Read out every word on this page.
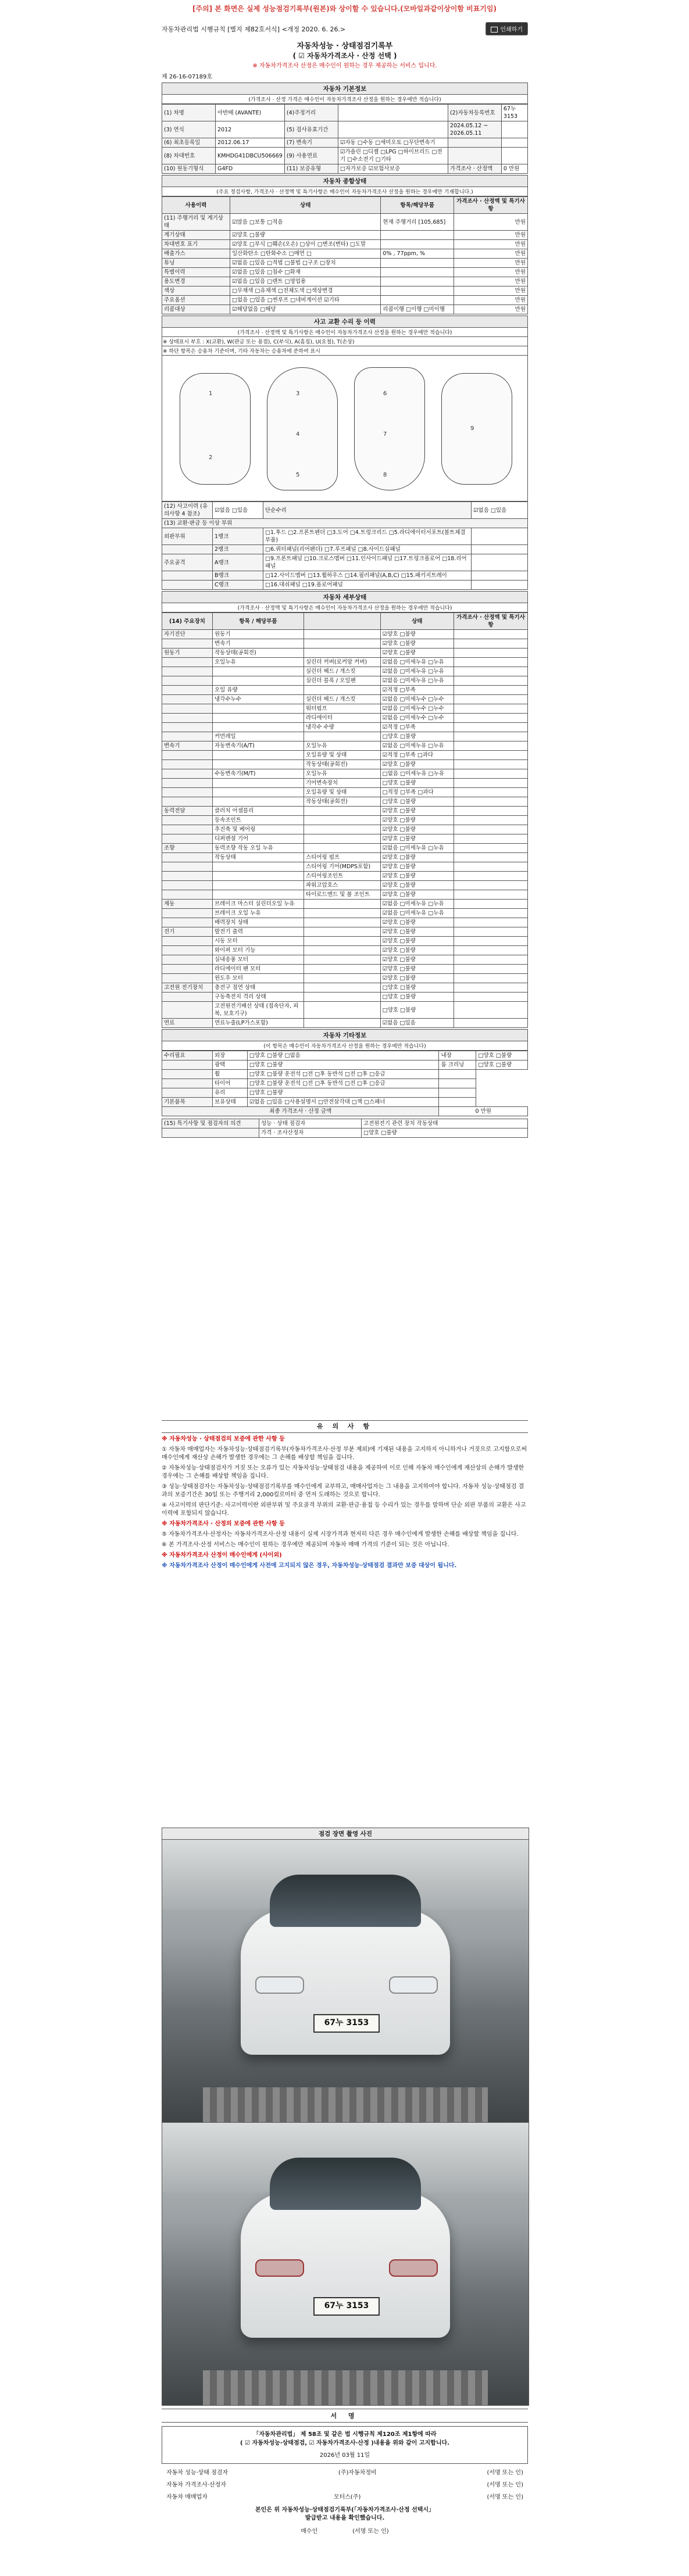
[주의] 본 화면은 실제 성능점검기록부(원본)와 상이할 수 있습니다.(모바일과같이상이함 비표기임)
자동차관리법 시행규칙 [별지 제82호서식] <개정 2020. 6. 26.>	인쇄하기
자동차성능 · 상태점검기록부
( ☑ 자동차가격조사 · 산정 선택 )
※ 자동차가격조사 산정은 매수인이 원하는 경우 제공하는 서비스 입니다.
제 26-16-07189호
자동차 기본정보
(가격조사 · 산정 가격은 매수인이 자동차가격조사 산정을 원하는 경우에만 적습니다)
(1) 차명	아반떼 (AVANTE)	(4)주정거리		(2)자동차등록번호	67누3153
(3) 연식	2012	(5) 검사유효기간		2024.05.12 ~ 2026.05.11	
(6) 최초등록일	2012.06.17	(7) 변속기	☑자동 □수동 □세미오토 □무단변속기		
(8) 차대번호	KMHDG41DBCU506669	(9) 사용연료	☑가솔린 □디젤 □LPG □하이브리드 □전기 □수소전기 □기타		
(10) 원동기형식	G4FD	(11) 보증유형	□자가보증 ☑보험사보증	가격조사 · 산정액	0 만원
자동차 종합상태
(주요 정검사항, 가격조사 · 산정액 및 특기사항은 매수인이 자동차가격조사 산정을 원하는 경우에만 기재합니다.)
사용이력	상태	항목/해당부품	가격조사 · 산정액 및 특기사항
(11) 주행거리 및 계기상태	☑많음 □보통 □적음	현재 주행거리 [105,685]	만원
계기상태	☑양호 □불량		만원
차대번호 표기	☑양호 □부식 □훼손(오손) □상이 □변조(변타) □도말		만원
배출가스	일산화탄소 □탄화수소 □매연 □	0% , 77ppm, %	만원
튜닝	☑없음 □있음 □적법 □불법 □구조 □장치		만원
특별이력	☑없음 □있음 □침수 □화재		만원
용도변경	☑없음 □있음 □렌트 □영업용		만원
색상	□무채색 □유채색 □전체도색 □색상변경		만원
주요옵션	□없음 □있음 □썬루프 □네비게이션 ☑기타		만원
리콜대상	☑해당없음 □해당	리콜이행 □이행 □미이행	만원
사고 교환 수리 등 이력
(가격조사 · 산정액 및 특기사항은 매수인이 자동차가격조사 산정을 원하는 경우에만 적습니다)
※ 상태표시 부호 : X(교환), W(판금 또는 용접), C(부식), A(흠집), U(요철), T(손상)
※ 하단 항목은 승용차 기준이며, 기타 자동차는 승용차에 준하여 표시
1
2
3
4
5
6
7
8
9
(12) 사고이력 (유의사항 4 참조)	☑없음 □있음	단순수리	☑없음 □있음
(13) 교환·판금 등 이상 부위			
외판부위	1랭크	□1.후드 □2.프론트펜더 □3.도어 □4.트렁크리드 □5.라디에이터서포트(볼트체결부품)	
	2랭크	□6.쿼터패널(리어펜더) □7.루프패널 □8.사이드실패널	
주요골격	A랭크	□9.프론트패널 □10.크로스멤버 □11.인사이드패널 □17.트렁크플로어 □18.리어패널	
	B랭크	□12.사이드멤버 □13.휠하우스 □14.필러패널(A,B,C) □15.패키지트레이	
	C랭크	□16.대쉬패널 □19.플로어패널	
자동차 세부상태
(가격조사 · 산정액 및 특기사항은 매수인이 자동차가격조사 산정을 원하는 경우에만 적습니다)
(14) 주요장치	항목 / 해당부품		상태	가격조사 · 산정액 및 특기사항
자기진단	원동기		☑양호 □불량	
	변속기		☑양호 □불량	
원동기	작동상태(공회전)		☑양호 □불량	
	오일누유	실린더 커버(로커암 커버)	☑없음 □미세누유 □누유	
		실린더 헤드 / 개스킷	☑없음 □미세누유 □누유	
		실린더 블록 / 오일팬	☑없음 □미세누유 □누유	
	오일 유량		☑적정 □부족	
	냉각수누수	실린더 헤드 / 개스킷	☑없음 □미세누수 □누수	
		워터펌프	☑없음 □미세누수 □누수	
		라디에이터	☑없음 □미세누수 □누수	
		냉각수 수량	☑적정 □부족	
	커먼레일		□양호 □불량	
변속기	자동변속기(A/T)	오일누유	☑없음 □미세누유 □누유	
		오일유량 및 상태	☑적정 □부족 □과다	
		작동상태(공회전)	☑양호 □불량	
	수동변속기(M/T)	오일누유	□없음 □미세누유 □누유	
		기어변속장치	□양호 □불량	
		오일유량 및 상태	□적정 □부족 □과다	
		작동상태(공회전)	□양호 □불량	
동력전달	클러치 어셈블리		☑양호 □불량	
	등속조인트		☑양호 □불량	
	추진축 및 베어링		☑양호 □불량	
	디퍼렌셜 기어		☑양호 □불량	
조향	동력조향 작동 오일 누유		☑없음 □미세누유 □누유	
	작동상태	스티어링 펌프	☑양호 □불량	
		스티어링 기어(MDPS포함)	☑양호 □불량	
		스티어링조인트	☑양호 □불량	
		파워고압호스	☑양호 □불량	
		타이로드엔드 및 볼 조인트	☑양호 □불량	
제동	브레이크 마스터 실린더오일 누유		☑없음 □미세누유 □누유	
	브레이크 오일 누유		☑없음 □미세누유 □누유	
	배력장치 상태		☑양호 □불량	
전기	발전기 출력		☑양호 □불량	
	시동 모터		☑양호 □불량	
	와이퍼 모터 기능		☑양호 □불량	
	실내송풍 모터		☑양호 □불량	
	라디에이터 팬 모터		☑양호 □불량	
	윈도우 모터		☑양호 □불량	
고전원 전기장치	충전구 절연 상태		□양호 □불량	
	구동축전지 격리 상태		□양호 □불량	
	고전원전기배선 상태 (접속단자, 피복, 보호기구)		□양호 □불량	
연료	연료누출(LP가스포함)		☑없음 □있음	
자동차 기타정보
(이 항목은 매수인이 자동차가격조사 산정을 원하는 경우에만 적습니다)
수리필요	외장	□양호 □불량 □없음	내장	□양호 □불량
	광택	□양호 □불량	룸 크리닝	□양호 □불량
	휠	□양호 □불량 운전석 □전 □후 동반석 □전 □후 □응급		
	타이어	□양호 □불량 운전석 □전 □후 동반석 □전 □후 □응급		
	유리	□양호 □불량		
기본품목	보유상태	☑없음 □있음 □사용설명서 □안전삼각대 □잭 □스패너		
최종 가격조사 · 산정 금액			0 만원	
(15) 특기사항 및 점검자의 의견	성능 · 상태 점검자	고전원전기 관련 장치 작동상태
	가격 · 조사산정자	□양호 □불량
유 의 사 항

※ 자동차성능 · 상태점검의 보증에 관한 사항 등

① 자동차 매매업자는 자동차성능·상태점검기록부(자동차가격조사·산정 부분 제외)에 기재된 내용을 고지하지 아니하거나 거짓으로 고지함으로써 매수인에게 재산상 손해가 발생한 경우에는 그 손해를 배상할 책임을 집니다.

② 자동차성능·상태점검자가 거짓 또는 오류가 있는 자동차성능·상태점검 내용을 제공하여 이로 인해 자동차 매수인에게 재산상의 손해가 발생한 경우에는 그 손해를 배상할 책임을 집니다.

③ 성능·상태점검자는 자동차성능·상태점검기록부를 매수인에게 교부하고, 매매사업자는 그 내용을 고지하여야 합니다. 자동차 성능·상태점검 결과의 보증기간은 30일 또는 주행거리 2,000킬로미터 중 먼저 도래하는 것으로 합니다.

④ 사고이력의 판단기준: 사고이력이란 외판부위 및 주요골격 부위의 교환·판금·용접 등 수리가 있는 경우를 말하며 단순 외판 부품의 교환은 사고이력에 포함되지 않습니다.

※ 자동차가격조사 · 산정의 보증에 관한 사항 등

⑤ 자동차가격조사·산정자는 자동차가격조사·산정 내용이 실제 시장가격과 현저히 다른 경우 매수인에게 발생한 손해를 배상할 책임을 집니다.

⑥ 본 가격조사·산정 서비스는 매수인이 원하는 경우에만 제공되며 자동차 매매 가격의 기준이 되는 것은 아닙니다.

※ 자동차가격조사 산정이 매수인에게 (사이외)

※ 자동차가격조사 산정이 매수인에게 사전에 고지되지 않은 경우, 자동차성능·상태점검 결과만 보증 대상이 됩니다.

점검 장면 촬영 사진
67누 3153
67누 3153
서 명
「자동차관리법」 제 58조 및 같은 법 시행규칙 제120조 제1항에 따라
( ☑ 자동차성능·상태점검, ☑ 자동차가격조사·산정 )내용을 위와 같이 고지합니다.
2026년 03월 11일
자동차 성능·상태 점검자	(주)자동차정비	(서명 또는 인)
자동차 가격조사·산정자	(서명 또는 인)
자동차 매매업자	모터스(주)	(서명 또는 인)
본인은 위 자동차성능·상태점검기록부(「자동차가격조사·산정 선택시」
발급받고 내용을 확인했습니다.
매수인	(서명 또는 인)
